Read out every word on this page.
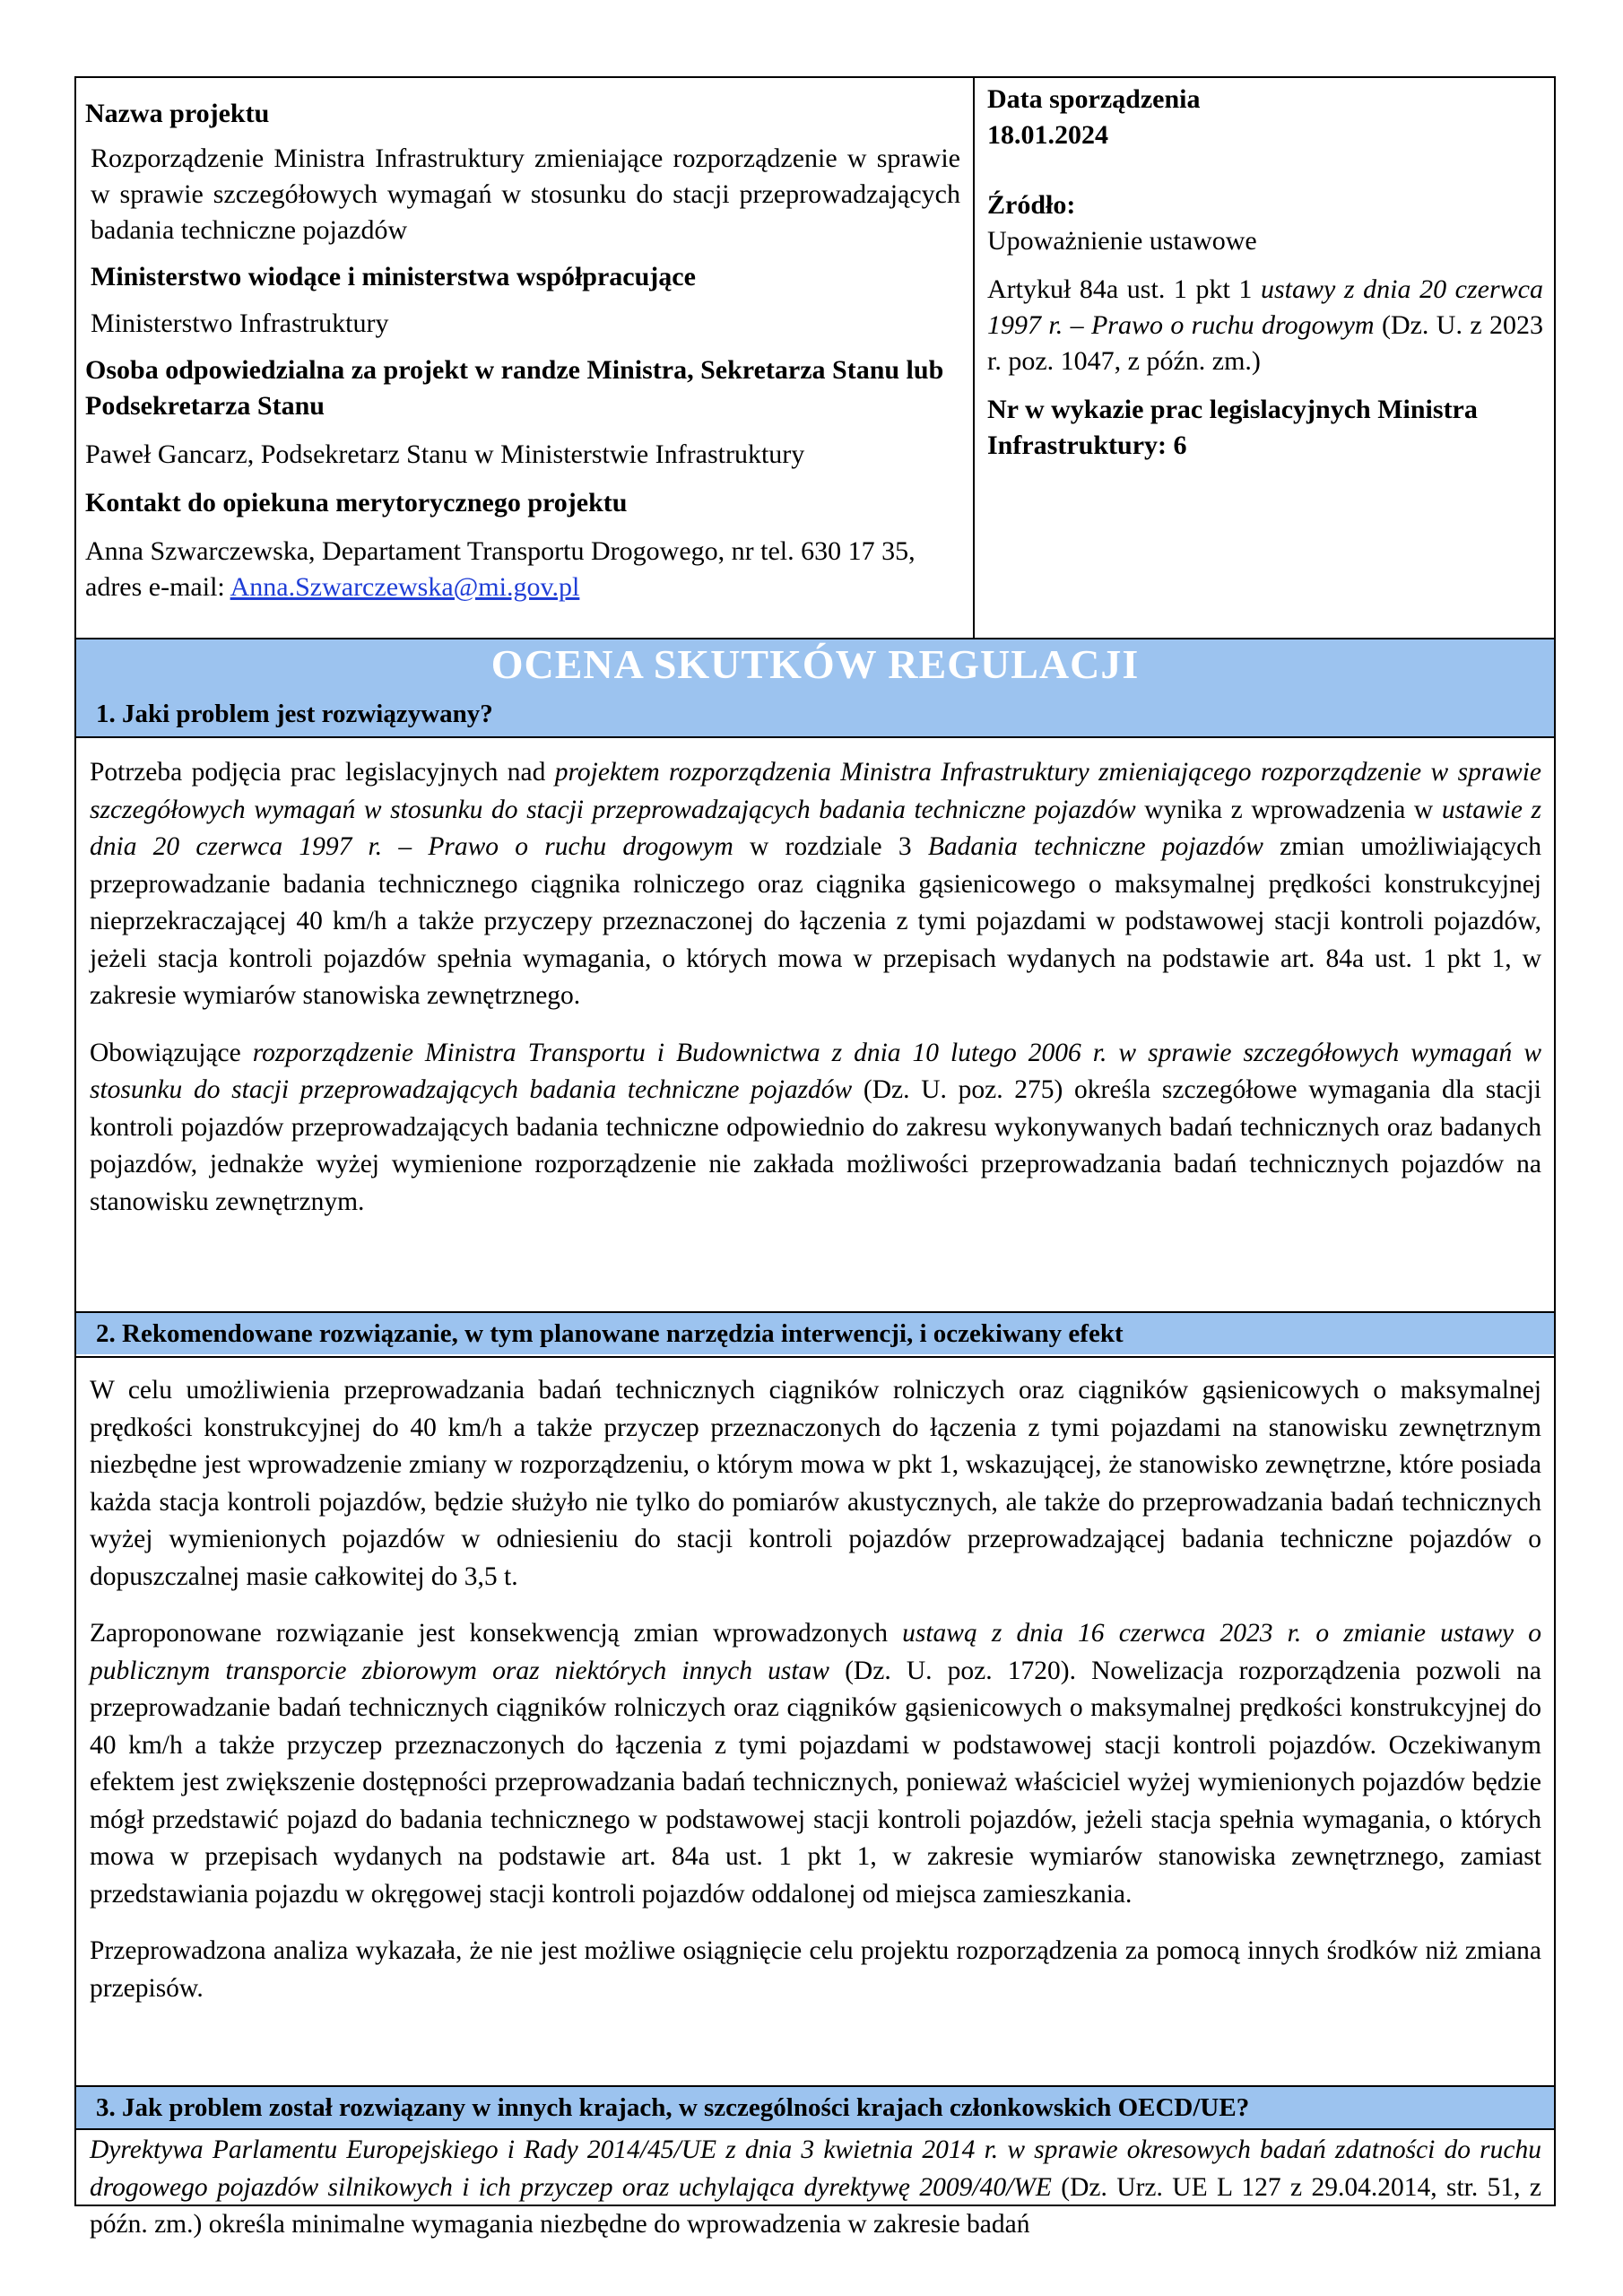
Nazwa projektu

Rozporządzenie Ministra Infrastruktury zmieniające rozporządzenie w sprawie w sprawie szczegółowych wymagań w stosunku do stacji przeprowadzających badania techniczne pojazdów

Ministerstwo wiodące i ministerstwa współpracujące

Ministerstwo Infrastruktury

Osoba odpowiedzialna za projekt w randze Ministra, Sekretarza Stanu lub Podsekretarza Stanu

Paweł Gancarz, Podsekretarz Stanu w Ministerstwie Infrastruktury

Kontakt do opiekuna merytorycznego projektu

Anna Szwarczewska, Departament Transportu Drogowego, nr tel. 630 17 35, adres e-mail: Anna.Szwarczewska@mi.gov.pl

Data sporządzenia

18.01.2024

Źródło:

Upoważnienie ustawowe

Artykuł 84a ust. 1 pkt 1 ustawy z dnia 20 czerwca 1997 r. – Prawo o ruchu drogowym (Dz. U. z 2023 r. poz. 1047, z późn. zm.)

Nr w wykazie prac legislacyjnych Ministra Infrastruktury: 6

OCENA SKUTKÓW REGULACJI
1. Jaki problem jest rozwiązywany?

Potrzeba podjęcia prac legislacyjnych nad projektem rozporządzenia Ministra Infrastruktury zmieniającego rozporządzenie w sprawie szczegółowych wymagań w stosunku do stacji przeprowadzających badania techniczne pojazdów wynika z wprowadzenia w ustawie z dnia 20 czerwca 1997 r. – Prawo o ruchu drogowym w rozdziale 3 Badania techniczne pojazdów zmian umożliwiających przeprowadzanie badania technicznego ciągnika rolniczego oraz ciągnika gąsienicowego o maksymalnej prędkości konstrukcyjnej nieprzekraczającej 40 km/h a także przyczepy przeznaczonej do łączenia z tymi pojazdami w podstawowej stacji kontroli pojazdów, jeżeli stacja kontroli pojazdów spełnia wymagania, o których mowa w przepisach wydanych na podstawie art. 84a ust. 1 pkt 1, w zakresie wymiarów stanowiska zewnętrznego.

Obowiązujące rozporządzenie Ministra Transportu i Budownictwa z dnia 10 lutego 2006 r. w sprawie szczegółowych wymagań w stosunku do stacji przeprowadzających badania techniczne pojazdów (Dz. U. poz. 275) określa szczegółowe wymagania dla stacji kontroli pojazdów przeprowadzających badania techniczne odpowiednio do zakresu wykonywanych badań technicznych oraz badanych pojazdów, jednakże wyżej wymienione rozporządzenie nie zakłada możliwości przeprowadzania badań technicznych pojazdów na stanowisku zewnętrznym.

2. Rekomendowane rozwiązanie, w tym planowane narzędzia interwencji, i oczekiwany efekt

W celu umożliwienia przeprowadzania badań technicznych ciągników rolniczych oraz ciągników gąsienicowych o maksymalnej prędkości konstrukcyjnej do 40 km/h a także przyczep przeznaczonych do łączenia z tymi pojazdami na stanowisku zewnętrznym niezbędne jest wprowadzenie zmiany w rozporządzeniu, o którym mowa w pkt 1, wskazującej, że stanowisko zewnętrzne, które posiada każda stacja kontroli pojazdów, będzie służyło nie tylko do pomiarów akustycznych, ale także do przeprowadzania badań technicznych wyżej wymienionych pojazdów w odniesieniu do stacji kontroli pojazdów przeprowadzającej badania techniczne pojazdów o dopuszczalnej masie całkowitej do 3,5 t.

Zaproponowane rozwiązanie jest konsekwencją zmian wprowadzonych ustawą z dnia 16 czerwca 2023 r. o zmianie ustawy o publicznym transporcie zbiorowym oraz niektórych innych ustaw (Dz. U. poz. 1720). Nowelizacja rozporządzenia pozwoli na przeprowadzanie badań technicznych ciągników rolniczych oraz ciągników gąsienicowych o maksymalnej prędkości konstrukcyjnej do 40 km/h a także przyczep przeznaczonych do łączenia z tymi pojazdami w podstawowej stacji kontroli pojazdów. Oczekiwanym efektem jest zwiększenie dostępności przeprowadzania badań technicznych, ponieważ właściciel wyżej wymienionych pojazdów będzie mógł przedstawić pojazd do badania technicznego w podstawowej stacji kontroli pojazdów, jeżeli stacja spełnia wymagania, o których mowa w przepisach wydanych na podstawie art. 84a ust. 1 pkt 1, w zakresie wymiarów stanowiska zewnętrznego, zamiast przedstawiania pojazdu w okręgowej stacji kontroli pojazdów oddalonej od miejsca zamieszkania.

Przeprowadzona analiza wykazała, że nie jest możliwe osiągnięcie celu projektu rozporządzenia za pomocą innych środków niż zmiana przepisów.

3. Jak problem został rozwiązany w innych krajach, w szczególności krajach członkowskich OECD/UE?

Dyrektywa Parlamentu Europejskiego i Rady 2014/45/UE z dnia 3 kwietnia 2014 r. w sprawie okresowych badań zdatności do ruchu drogowego pojazdów silnikowych i ich przyczep oraz uchylająca dyrektywę 2009/40/WE (Dz. Urz. UE L 127 z 29.04.2014, str. 51, z późn. zm.) określa minimalne wymagania niezbędne do wprowadzenia w zakresie badań
